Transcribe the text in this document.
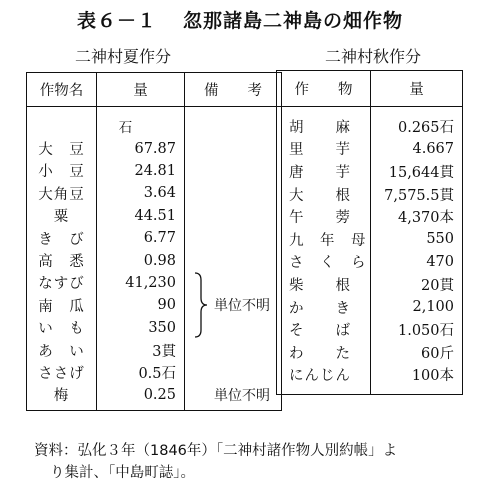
表６－１ 忽那諸島二神島の畑作物
二神村夏作分	二神村秋作分
作物名	量	備　　考
	石	
大　豆	67.87	
小　豆	24.81	
大角豆	3.64	
粟	44.51	
き　び	6.77	
高　悉	0.98	
なすび	41,230	単位不明

南　瓜	90	
い　も	350	
あ　い	3貫	
ささげ	0.5石	
梅	0.25	単位不明
作　　物	量
胡　　麻	0.265石
里　　芋	4.667
唐　　芋	15,644貫
大　　根	7,575.5貫
午　　蒡	4,370本
九　年　母	550
さ　く　ら	470
柴　　根	20貫
か　　き	2,100
そ　　ば	1.050石
わ　　た	60斤
にんじん	100本
資料：弘化３年（1846年）「二神村諸作物人別約帳」よ
り集計、「中島町誌」。
